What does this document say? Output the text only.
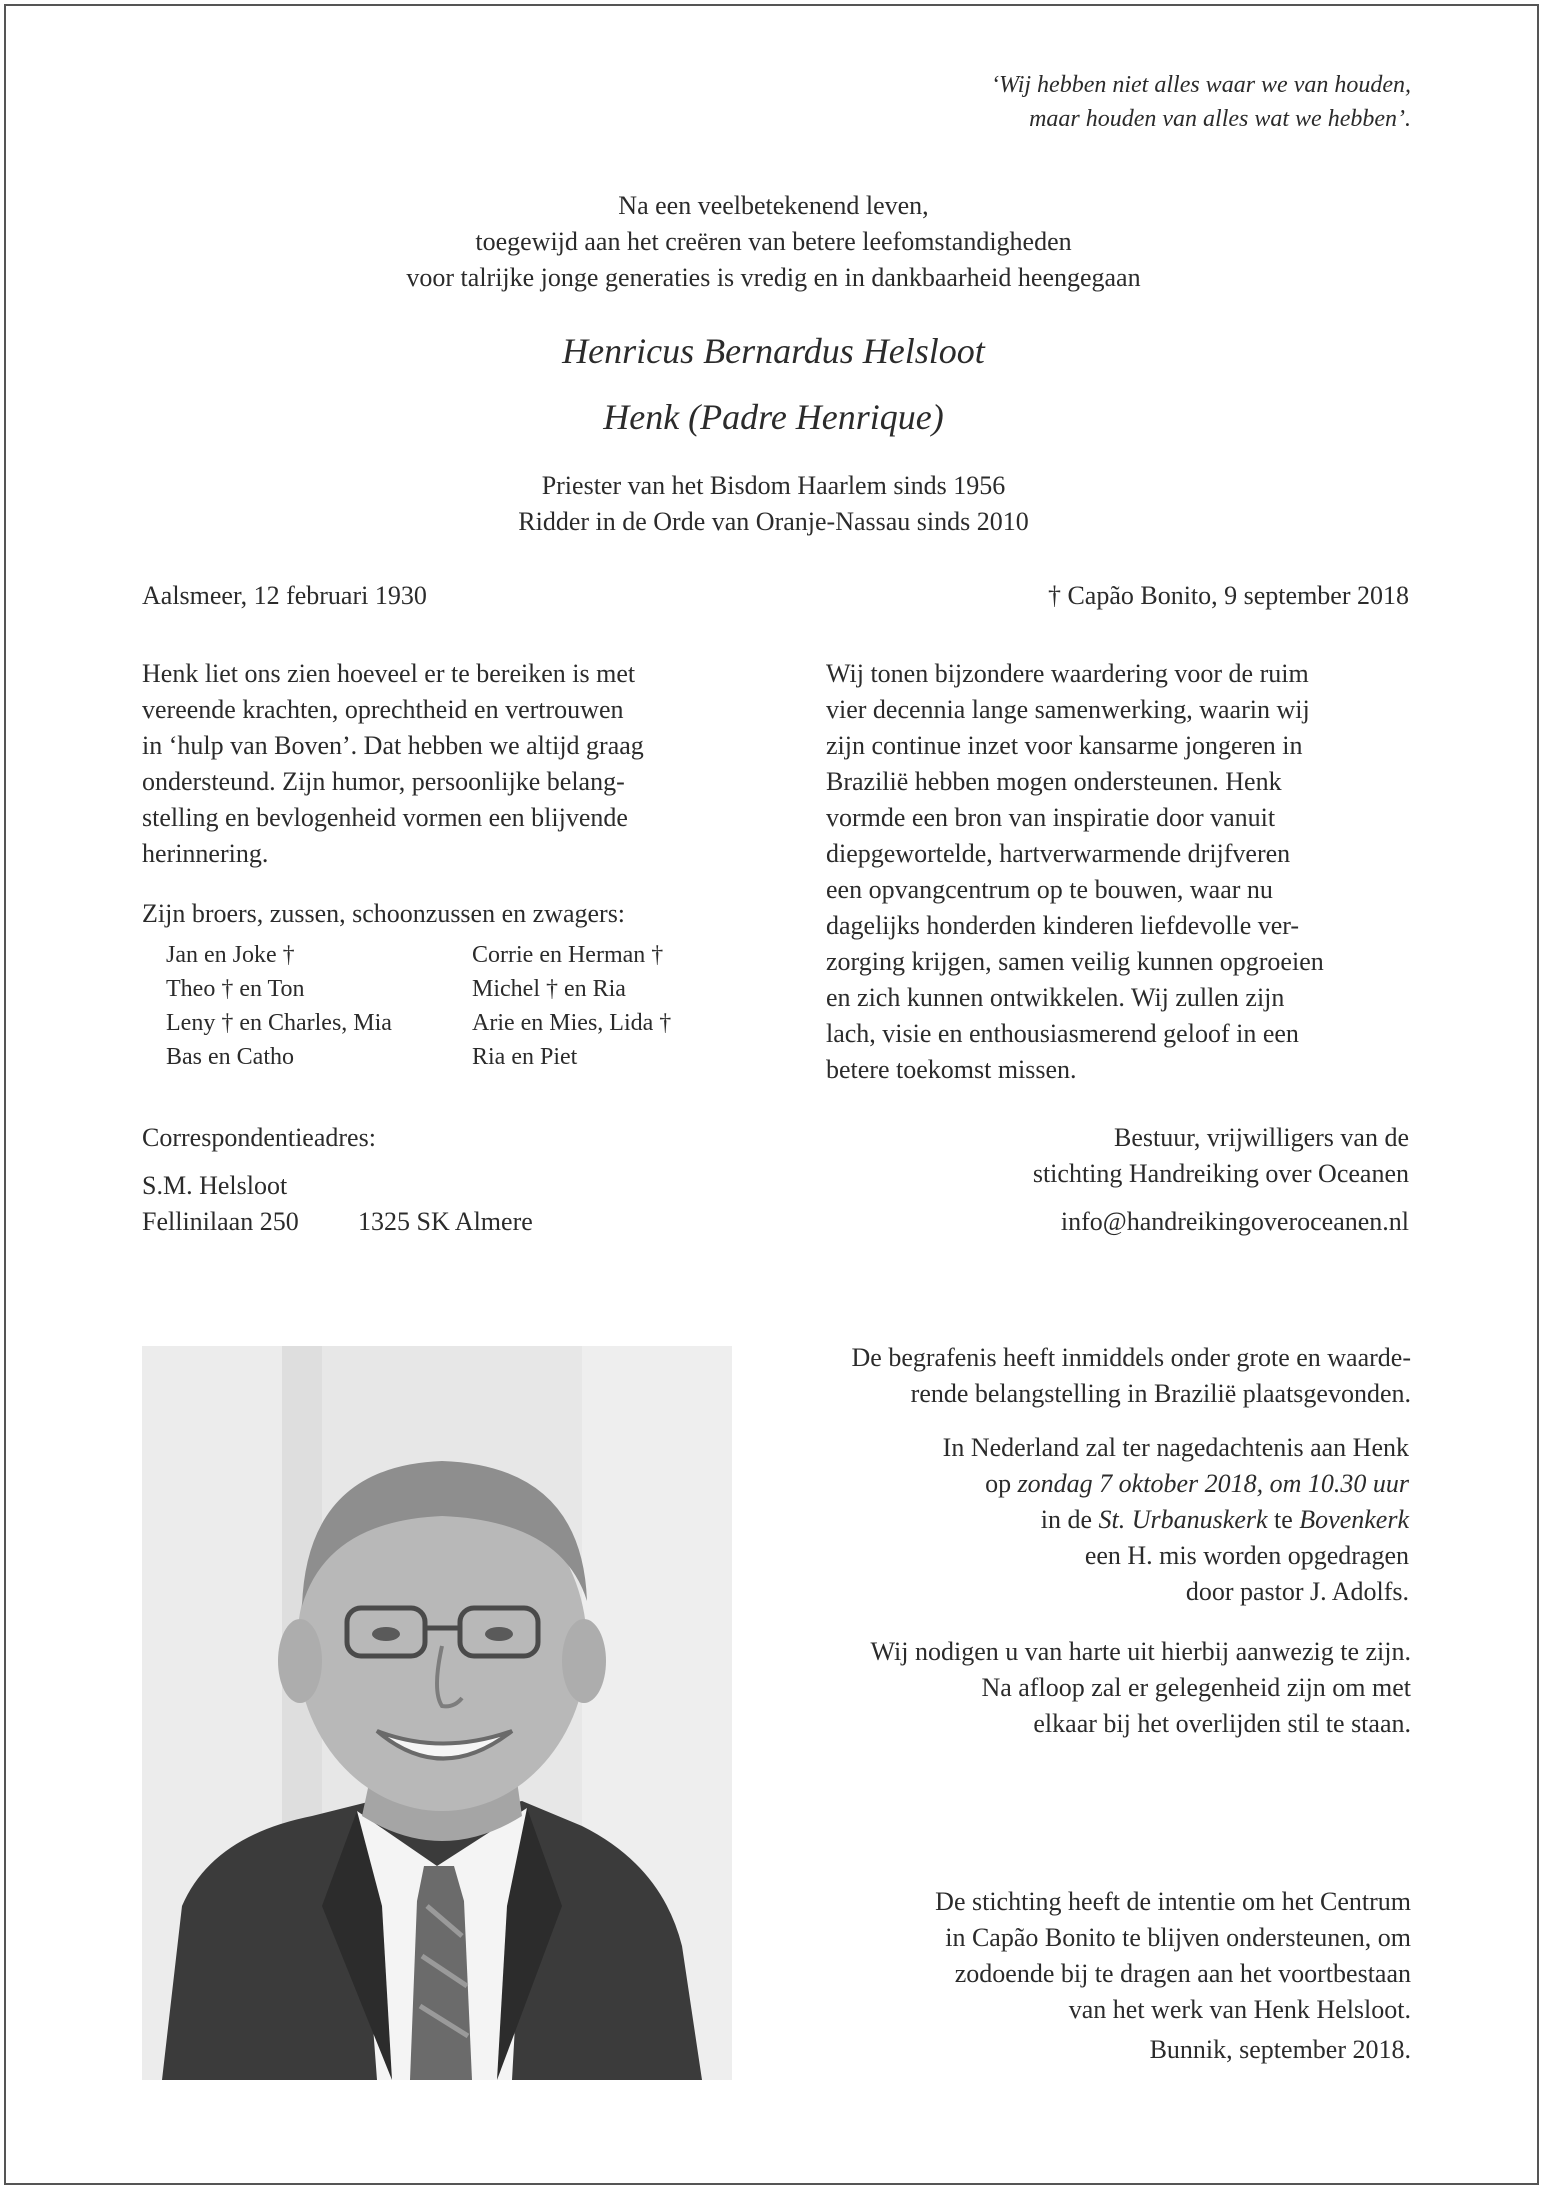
‘Wij hebben niet alles waar we van houden,
maar houden van alles wat we hebben’.
Na een veelbetekenend leven,
toegewijd aan het creëren van betere leefomstandigheden
voor talrijke jonge generaties is vredig en in dankbaarheid heengegaan
Henricus Bernardus Helsloot
Henk (Padre Henrique)
Priester van het Bisdom Haarlem sinds 1956
Ridder in de Orde van Oranje-Nassau sinds 2010
Aalsmeer, 12 februari 1930	† Capão Bonito, 9 september 2018
Henk liet ons zien hoeveel er te bereiken is met
vereende krachten, oprechtheid en vertrouwen
in ‘hulp van Boven’. Dat hebben we altijd graag
ondersteund. Zijn humor, persoonlijke belang-
stelling en bevlogenheid vormen een blijvende
herinnering.
Zijn broers, zussen, schoonzussen en zwagers:
Jan en Joke †	Corrie en Herman †
Theo † en Ton	Michel † en Ria
Leny † en Charles, Mia	Arie en Mies, Lida †
Bas en Catho	Ria en Piet
Correspondentieadres:
S.M. Helsloot
Fellinilaan 250 1325 SK Almere
Wij tonen bijzondere waardering voor de ruim
vier decennia lange samenwerking, waarin wij
zijn continue inzet voor kansarme jongeren in
Brazilië hebben mogen ondersteunen. Henk
vormde een bron van inspiratie door vanuit
diepgewortelde, hartverwarmende drijfveren
een opvangcentrum op te bouwen, waar nu
dagelijks honderden kinderen liefdevolle ver-
zorging krijgen, samen veilig kunnen opgroeien
en zich kunnen ontwikkelen. Wij zullen zijn
lach, visie en enthousiasmerend geloof in een
betere toekomst missen.
Bestuur, vrijwilligers van de
stichting Handreiking over Oceanen
info@handreikingoveroceanen.nl
De begrafenis heeft inmiddels onder grote en waarde-
rende belangstelling in Brazilië plaatsgevonden.
In Nederland zal ter nagedachtenis aan Henk
op zondag 7 oktober 2018, om 10.30 uur
in de St. Urbanuskerk te Bovenkerk
een H. mis worden opgedragen
door pastor J. Adolfs.
Wij nodigen u van harte uit hierbij aanwezig te zijn.
Na afloop zal er gelegenheid zijn om met
elkaar bij het overlijden stil te staan.
De stichting heeft de intentie om het Centrum
in Capão Bonito te blijven ondersteunen, om
zodoende bij te dragen aan het voortbestaan
van het werk van Henk Helsloot.
Bunnik, september 2018.
